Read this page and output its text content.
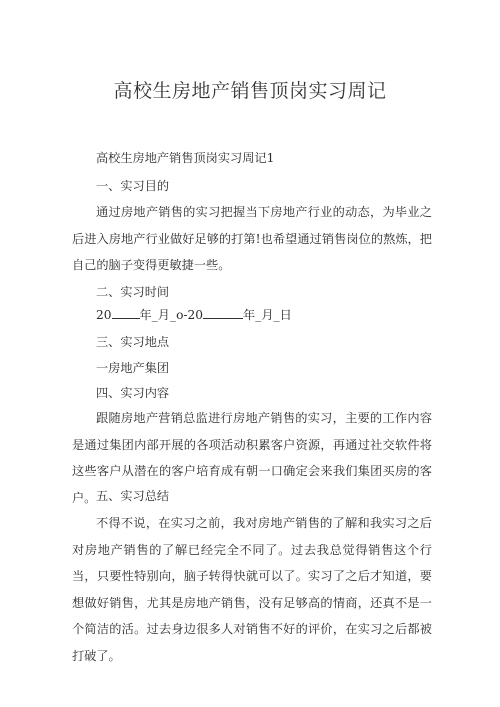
高校生房地产销售顶岗实习周记

高校生房地产销售顶岗实习周记1

一、实习目的

通过房地产销售的实习把握当下房地产行业的动态，为毕业之后进入房地产行业做好足够的打第!也希望通过销售岗位的熬炼，把自己的脑子变得更敏捷一些。

二、实习时间

20 年_月_o-20	年_月_日

三、实习地点

一房地产集团

四、实习内容

跟随房地产营销总监进行房地产销售的实习，主要的工作内容是通过集团内部开展的各项活动积累客户资源，再通过社交软件将这些客户从潜在的客户培育成有朝一口确定会来我们集团买房的客户。 五、实习总结

不得不说，在实习之前，我对房地产销售的了解和我实习之后对房地产销售的了解已经完全不同了。过去我总觉得销售这个行当，只要性特别向，脑子转得快就可以了。实习了之后才知道，要想做好销售，尤其是房地产销售，没有足够高的情商，还真不是一个简洁的活。过去身边很多人对销售不好的评价，在实习之后都被打破了。
